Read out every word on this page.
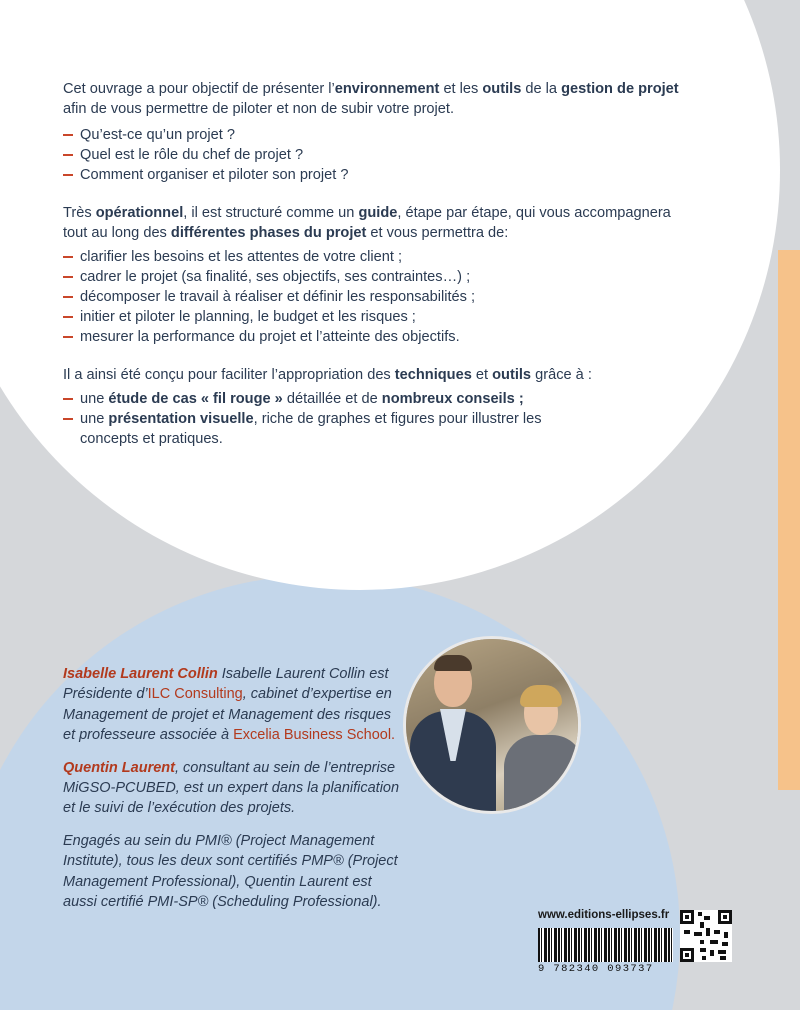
Cet ouvrage a pour objectif de présenter l’environnement et les outils de la gestion de projet afin de vous permettre de piloter et non de subir votre projet.

Qu’est-ce qu’un projet ?
Quel est le rôle du chef de projet ?
Comment organiser et piloter son projet ?

Très opérationnel, il est structuré comme un guide, étape par étape, qui vous accompagnera tout au long des différentes phases du projet et vous permettra de:

clarifier les besoins et les attentes de votre client ;
cadrer le projet (sa finalité, ses objectifs, ses contraintes…) ;
décomposer le travail à réaliser et définir les responsabilités ;
initier et piloter le planning, le budget et les risques ;
mesurer la performance du projet et l’atteinte des objectifs.

Il a ainsi été conçu pour faciliter l’appropriation des techniques et outils grâce à :

une étude de cas « fil rouge » détaillée et de nombreux conseils ;
une présentation visuelle, riche de graphes et figures pour illustrer les concepts et pratiques.

Isabelle Laurent Collin Isabelle Laurent Collin est Présidente d’ILC Consulting, cabinet d’expertise en Management de projet et Management des risques et professeure associée à Excelia Business School.

Quentin Laurent, consultant au sein de l’entreprise MiGSO-PCUBED, est un expert dans la planification et le suivi de l’exécution des projets.

Engagés au sein du PMI® (Project Management Institute), tous les deux sont certifiés PMP® (Project Management Professional), Quentin Laurent est aussi certifié PMI-SP® (Scheduling Professional).

www.editions-ellipses.fr
9 782340 093737
